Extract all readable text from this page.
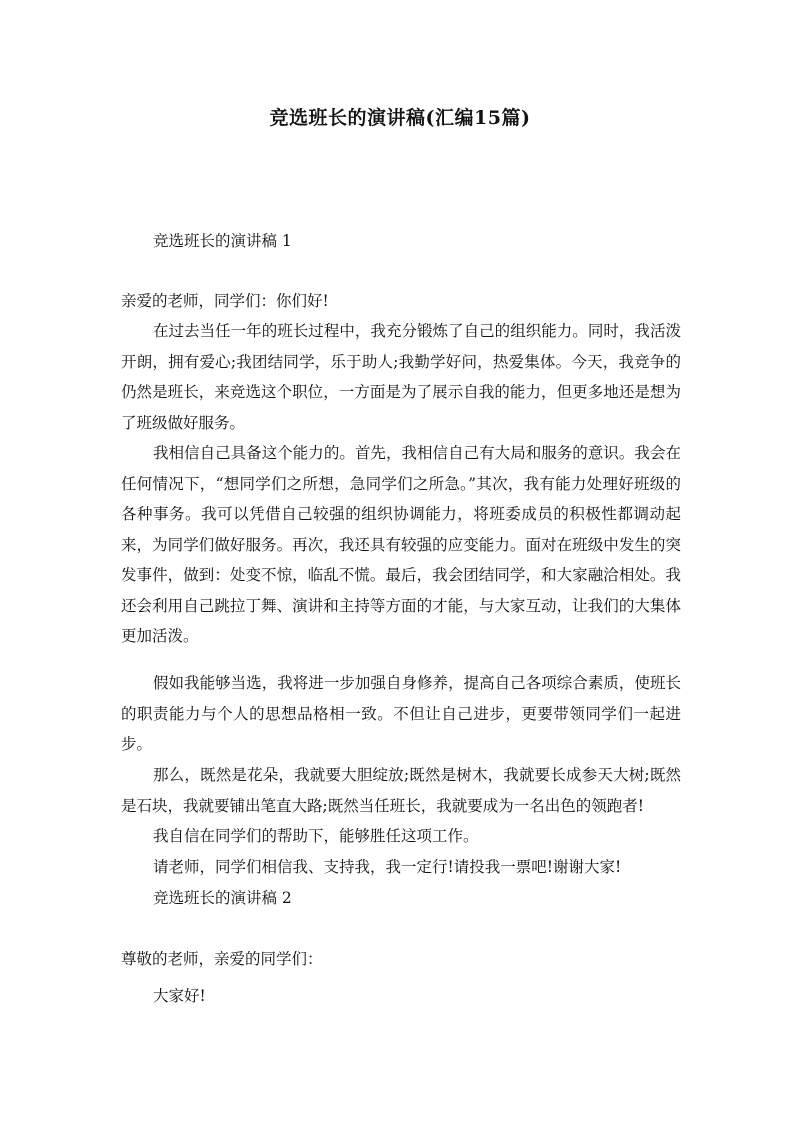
竞选班长的演讲稿(汇编15篇)

竞选班长的演讲稿 1

亲爱的老师，同学们：你们好!

在过去当任一年的班长过程中，我充分锻炼了自己的组织能力。同时，我活泼开朗，拥有爱心;我团结同学，乐于助人;我勤学好问，热爱集体。今天，我竞争的仍然是班长，来竞选这个职位，一方面是为了展示自我的能力，但更多地还是想为了班级做好服务。

我相信自己具备这个能力的。首先，我相信自己有大局和服务的意识。我会在任何情况下，“想同学们之所想，急同学们之所急。”其次，我有能力处理好班级的各种事务。我可以凭借自己较强的组织协调能力，将班委成员的积极性都调动起来，为同学们做好服务。再次，我还具有较强的应变能力。面对在班级中发生的突发事件，做到：处变不惊，临乱不慌。最后，我会团结同学，和大家融洽相处。我还会利用自己跳拉丁舞、演讲和主持等方面的才能，与大家互动，让我们的大集体更加活泼。

假如我能够当选，我将进一步加强自身修养，提高自己各项综合素质，使班长的职责能力与个人的思想品格相一致。不但让自己进步，更要带领同学们一起进步。

那么，既然是花朵，我就要大胆绽放;既然是树木，我就要长成参天大树;既然是石块，我就要铺出笔直大路;既然当任班长，我就要成为一名出色的领跑者!

我自信在同学们的帮助下，能够胜任这项工作。

请老师，同学们相信我、支持我，我一定行!请投我一票吧!谢谢大家!

竞选班长的演讲稿 2

尊敬的老师，亲爱的同学们：

大家好!
